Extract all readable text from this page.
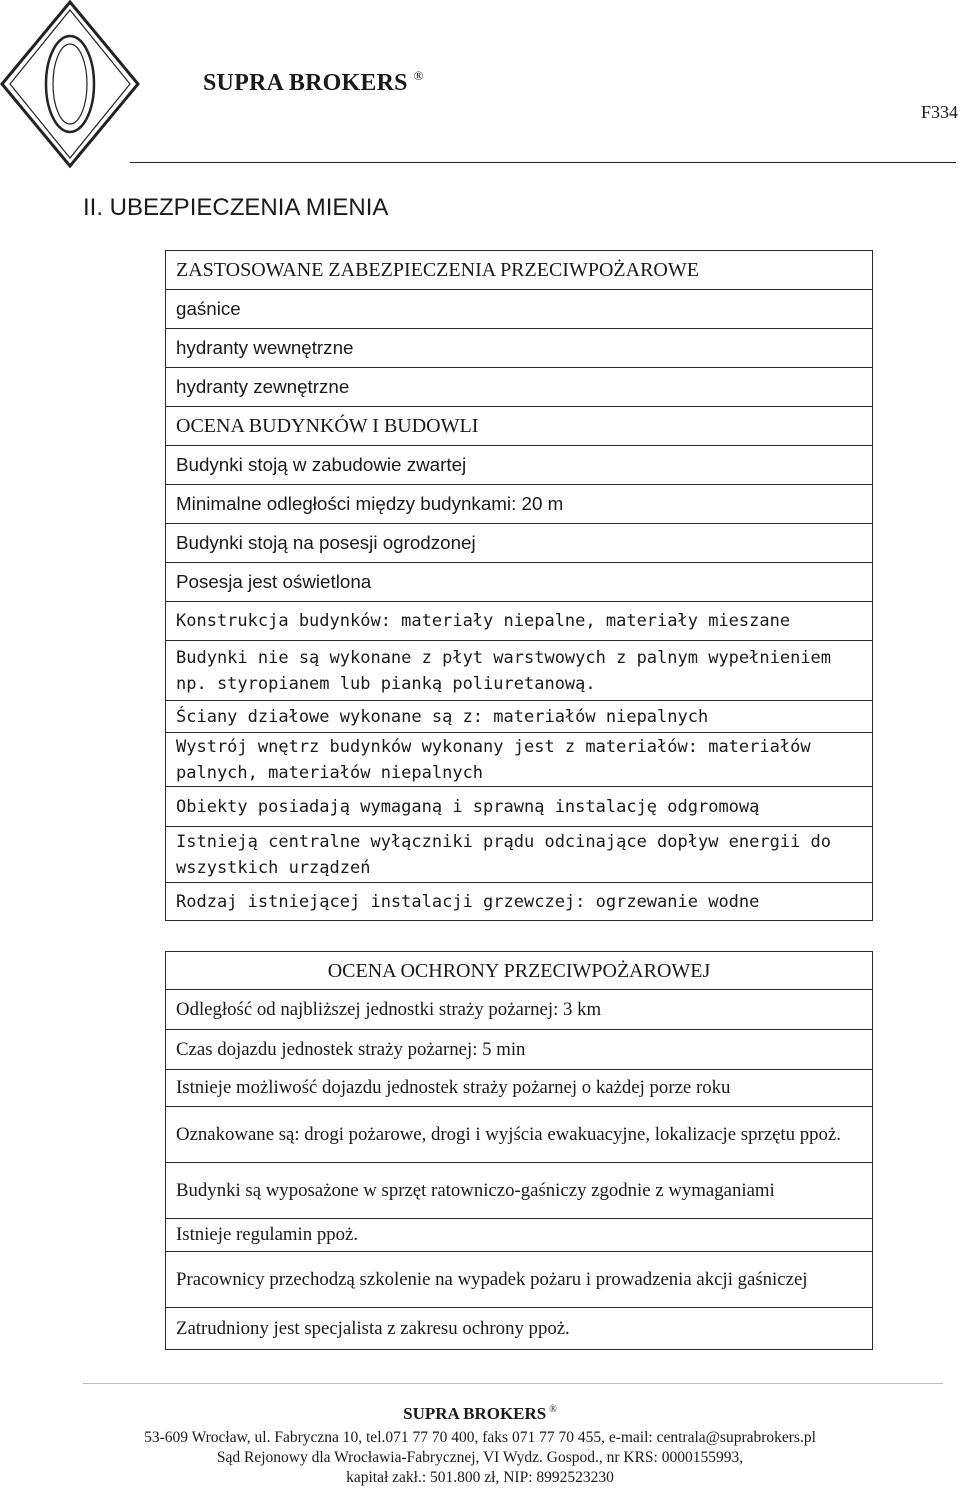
SUPRA BROKERS ®
F334
II. UBEZPIECZENIA MIENIA
ZASTOSOWANE ZABEZPIECZENIA PRZECIWPOŻAROWE
gaśnice
hydranty wewnętrzne
hydranty zewnętrzne
OCENA BUDYNKÓW I BUDOWLI
Budynki stoją w zabudowie zwartej
Minimalne odległości między budynkami: 20 m
Budynki stoją na posesji ogrodzonej
Posesja jest oświetlona
Konstrukcja budynków: materiały niepalne, materiały mieszane
Budynki nie są wykonane z płyt warstwowych z palnym wypełnieniem np. styropianem lub pianką poliuretanową.
Ściany działowe wykonane są z: materiałów niepalnych
Wystrój wnętrz budynków wykonany jest z materiałów: materiałów palnych, materiałów niepalnych
Obiekty posiadają wymaganą i sprawną instalację odgromową
Istnieją centralne wyłączniki prądu odcinające dopływ energii do wszystkich urządzeń
Rodzaj istniejącej instalacji grzewczej: ogrzewanie wodne
OCENA OCHRONY PRZECIWPOŻAROWEJ
Odległość od najbliższej jednostki straży pożarnej: 3 km
Czas dojazdu jednostek straży pożarnej: 5 min
Istnieje możliwość dojazdu jednostek straży pożarnej o każdej porze roku
Oznakowane są: drogi pożarowe, drogi i wyjścia ewakuacyjne, lokalizacje sprzętu ppoż.
Budynki są wyposażone w sprzęt ratowniczo-gaśniczy zgodnie z wymaganiami
Istnieje regulamin ppoż.
Pracownicy przechodzą szkolenie na wypadek pożaru i prowadzenia akcji gaśniczej
Zatrudniony jest specjalista z zakresu ochrony ppoż.
SUPRA BROKERS ®
53-609 Wrocław, ul. Fabryczna 10, tel.071 77 70 400, faks 071 77 70 455, e-mail: centrala@suprabrokers.pl
Sąd Rejonowy dla Wrocławia-Fabrycznej, VI Wydz. Gospod., nr KRS: 0000155993,
kapitał zakł.: 501.800 zł, NIP: 8992523230
